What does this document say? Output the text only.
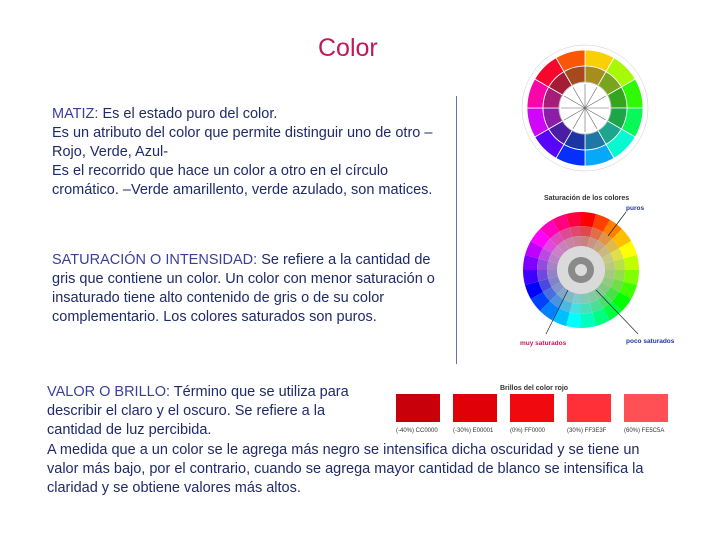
Color
MATIZ: Es el estado puro del color.
Es un atributo del color que permite distinguir uno de otro –Rojo, Verde, Azul-
Es el recorrido que hace un color a otro en el círculo cromático. –Verde amarillento, verde azulado, son matices.
SATURACIÓN O INTENSIDAD: Se refiere a la cantidad de gris que contiene un color. Un color con menor saturación o insaturado tiene alto contenido de gris o de su color complementario. Los colores saturados son puros.
VALOR O BRILLO: Término que se utiliza para describir el claro y el oscuro. Se refiere a la cantidad de luz percibida.
A medida que a un color se le agrega más negro se intensifica dicha oscuridad y se tiene un valor más bajo, por el contrario, cuando se agrega mayor cantidad de blanco se intensifica la claridad y se obtiene valores más altos.
Saturación de los colores
puros
muy saturados	poco saturados
Brillos del color rojo
(-40%) CC0000	(-30%) E00001	(0%) FF0000	(30%) FF3E3F	(60%) FE5C5A
